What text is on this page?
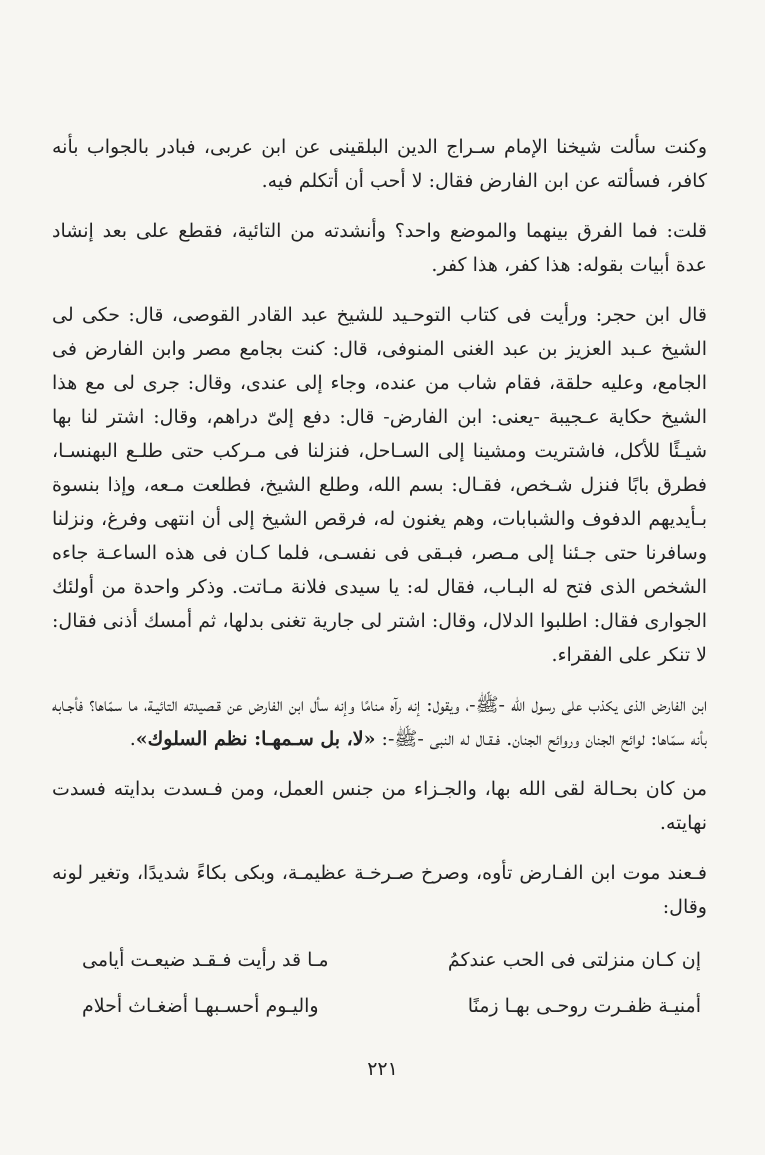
وكنت سألت شيخنا الإمام سـراج الدين البلقينى عن ابن عربى، فبادر بالجواب بأنه كافر، فسألته عن ابن الفارض فقال: لا أحب أن أتكلم فيه.

قلت: فما الفرق بينهما والموضع واحد؟ وأنشدته من التائية، فقطع على بعد إنشاد عدة أبيات بقوله: هذا كفر، هذا كفر.

قال ابن حجر: ورأيت فى كتاب التوحـيد للشيخ عبد القادر القوصى، قال: حكى لى الشيخ عـبد العزيز بن عبد الغنى المنوفى، قال: كنت بجامع مصر وابن الفارض فى الجامع، وعليه حلقة، فقام شاب من عنده، وجاء إلى عندى، وقال: جرى لى مع هذا الشيخ حكاية عـجيبة -يعنى: ابن الفارض- قال: دفع إلىّ دراهم، وقال: اشتر لنا بها شيـئًا للأكل، فاشتريت ومشينا إلى السـاحل، فنزلنا فى مـركب حتى طلـع البهنسـا، فطرق بابًا فنزل شـخص، فقـال: بسم الله، وطلع الشيخ، فطلعت مـعه، وإذا بنسوة بـأيديهم الدفوف والشبابات، وهم يغنون له، فرقص الشيخ إلى أن انتهى وفرغ، ونزلنا وسافرنا حتى جـئنا إلى مـصر، فبـقى فى نفسـى، فلما كـان فى هذه الساعـة جاءه الشخص الذى فتح له البـاب، فقال له: يا سيدى فلانة مـاتت. وذكر واحدة من أولئك الجوارى فقال: اطلبوا الدلال، وقال: اشتر لى جارية تغنى بدلها، ثم أمسك أذنى فقال: لا تنكر على الفقراء.

ابن الفارض الذى يكذب على رسول الله -ﷺ-، ويقول: إنه رآه منامًا وإنه سأل ابن الفارض عن قـصيدته التائيـة، ما سمّاها؟ فأجـابه بأنه سمّاها: لوائح الجنان وروائح الجنان. فـقـال له النبى -ﷺ-: «لا، بل سـمهـا: نظم السلوك».

من كان بحـالة لقى الله بها، والجـزاء من جنس العمل، ومن فـسدت بدايته فسدت نهايته.

فـعند موت ابن الفـارض تأوه، وصرخ صـرخـة عظيمـة، وبكى بكاءً شديدًا، وتغير لونه وقال:

إن كـان منزلتى فى الحب عندكمُ
مـا قد رأيت فـقـد ضيعـت أيامى
أمنيـة ظفـرت روحـى بهـا زمنًا
واليـوم أحسـبهـا أضغـاث أحلام
٢٢١
